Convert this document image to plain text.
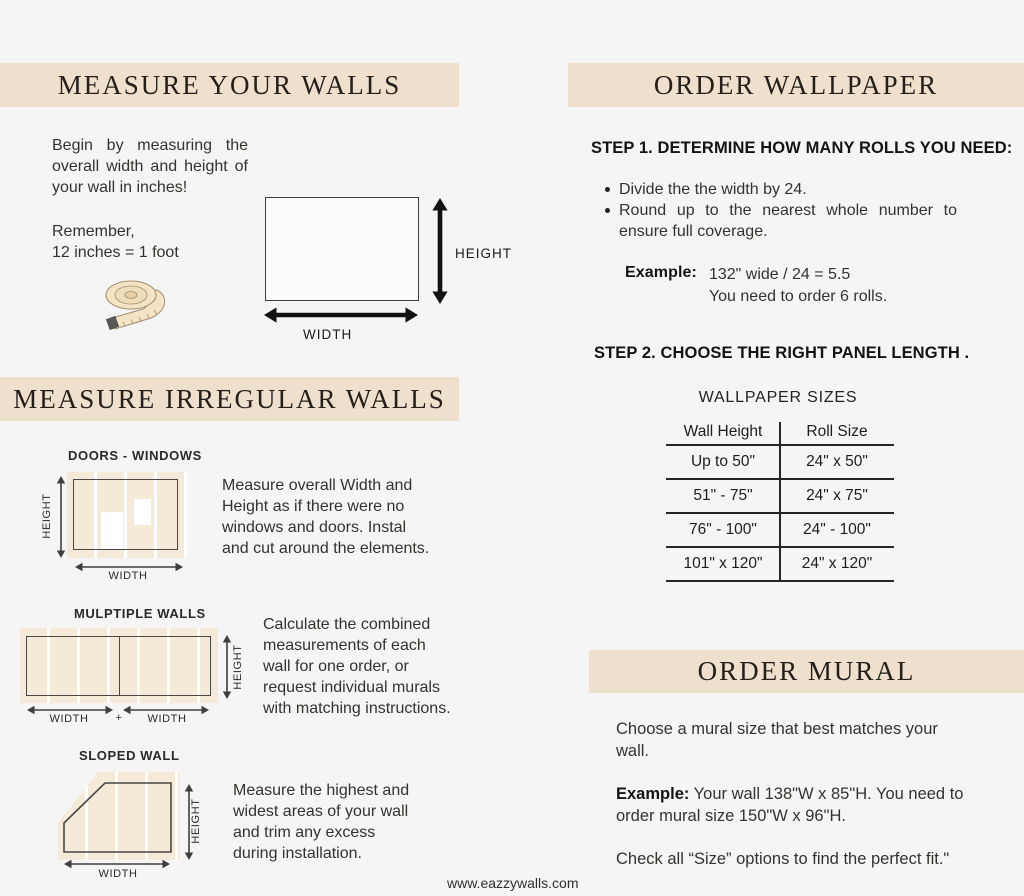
MEASURE YOUR WALLS
Begin by measuring the overall width and height of your wall in inches!
Remember,
12 inches = 1 foot	HEIGHT
WIDTH
MEASURE IRREGULAR WALLS
DOORS - WINDOWS
HEIGHT
WIDTH
Measure overall Width and
Height as if there were no
windows and doors. Instal
and cut around the elements.
MULPTIPLE WALLS
HEIGHT
WIDTH	+	WIDTH
Calculate the combined
measurements of each
wall for one order, or
request individual murals
with matching instructions.
SLOPED WALL
HEIGHT
WIDTH
Measure the highest and
widest areas of your wall
and trim any excess
during installation.
ORDER WALLPAPER
STEP 1. DETERMINE HOW MANY ROLLS YOU NEED:
Divide the the width by 24.
Round up to the nearest whole number to ensure full coverage.
Example: 132" wide / 24 = 5.5
You need to order 6 rolls.
STEP 2. CHOOSE THE RIGHT PANEL LENGTH .
WALLPAPER SIZES
Wall Height	Roll Size
Up to 50"	24" x 50"
51" - 75"	24" x 75"
76" - 100"	24" - 100"
101" x 120"	24" x 120"
ORDER MURAL
Choose a mural size that best matches your wall.
Example: Your wall 138"W x 85"H. You need to order mural size 150"W x 96"H.
Check all “Size” options to find the perfect fit."
www.eazzywalls.com
